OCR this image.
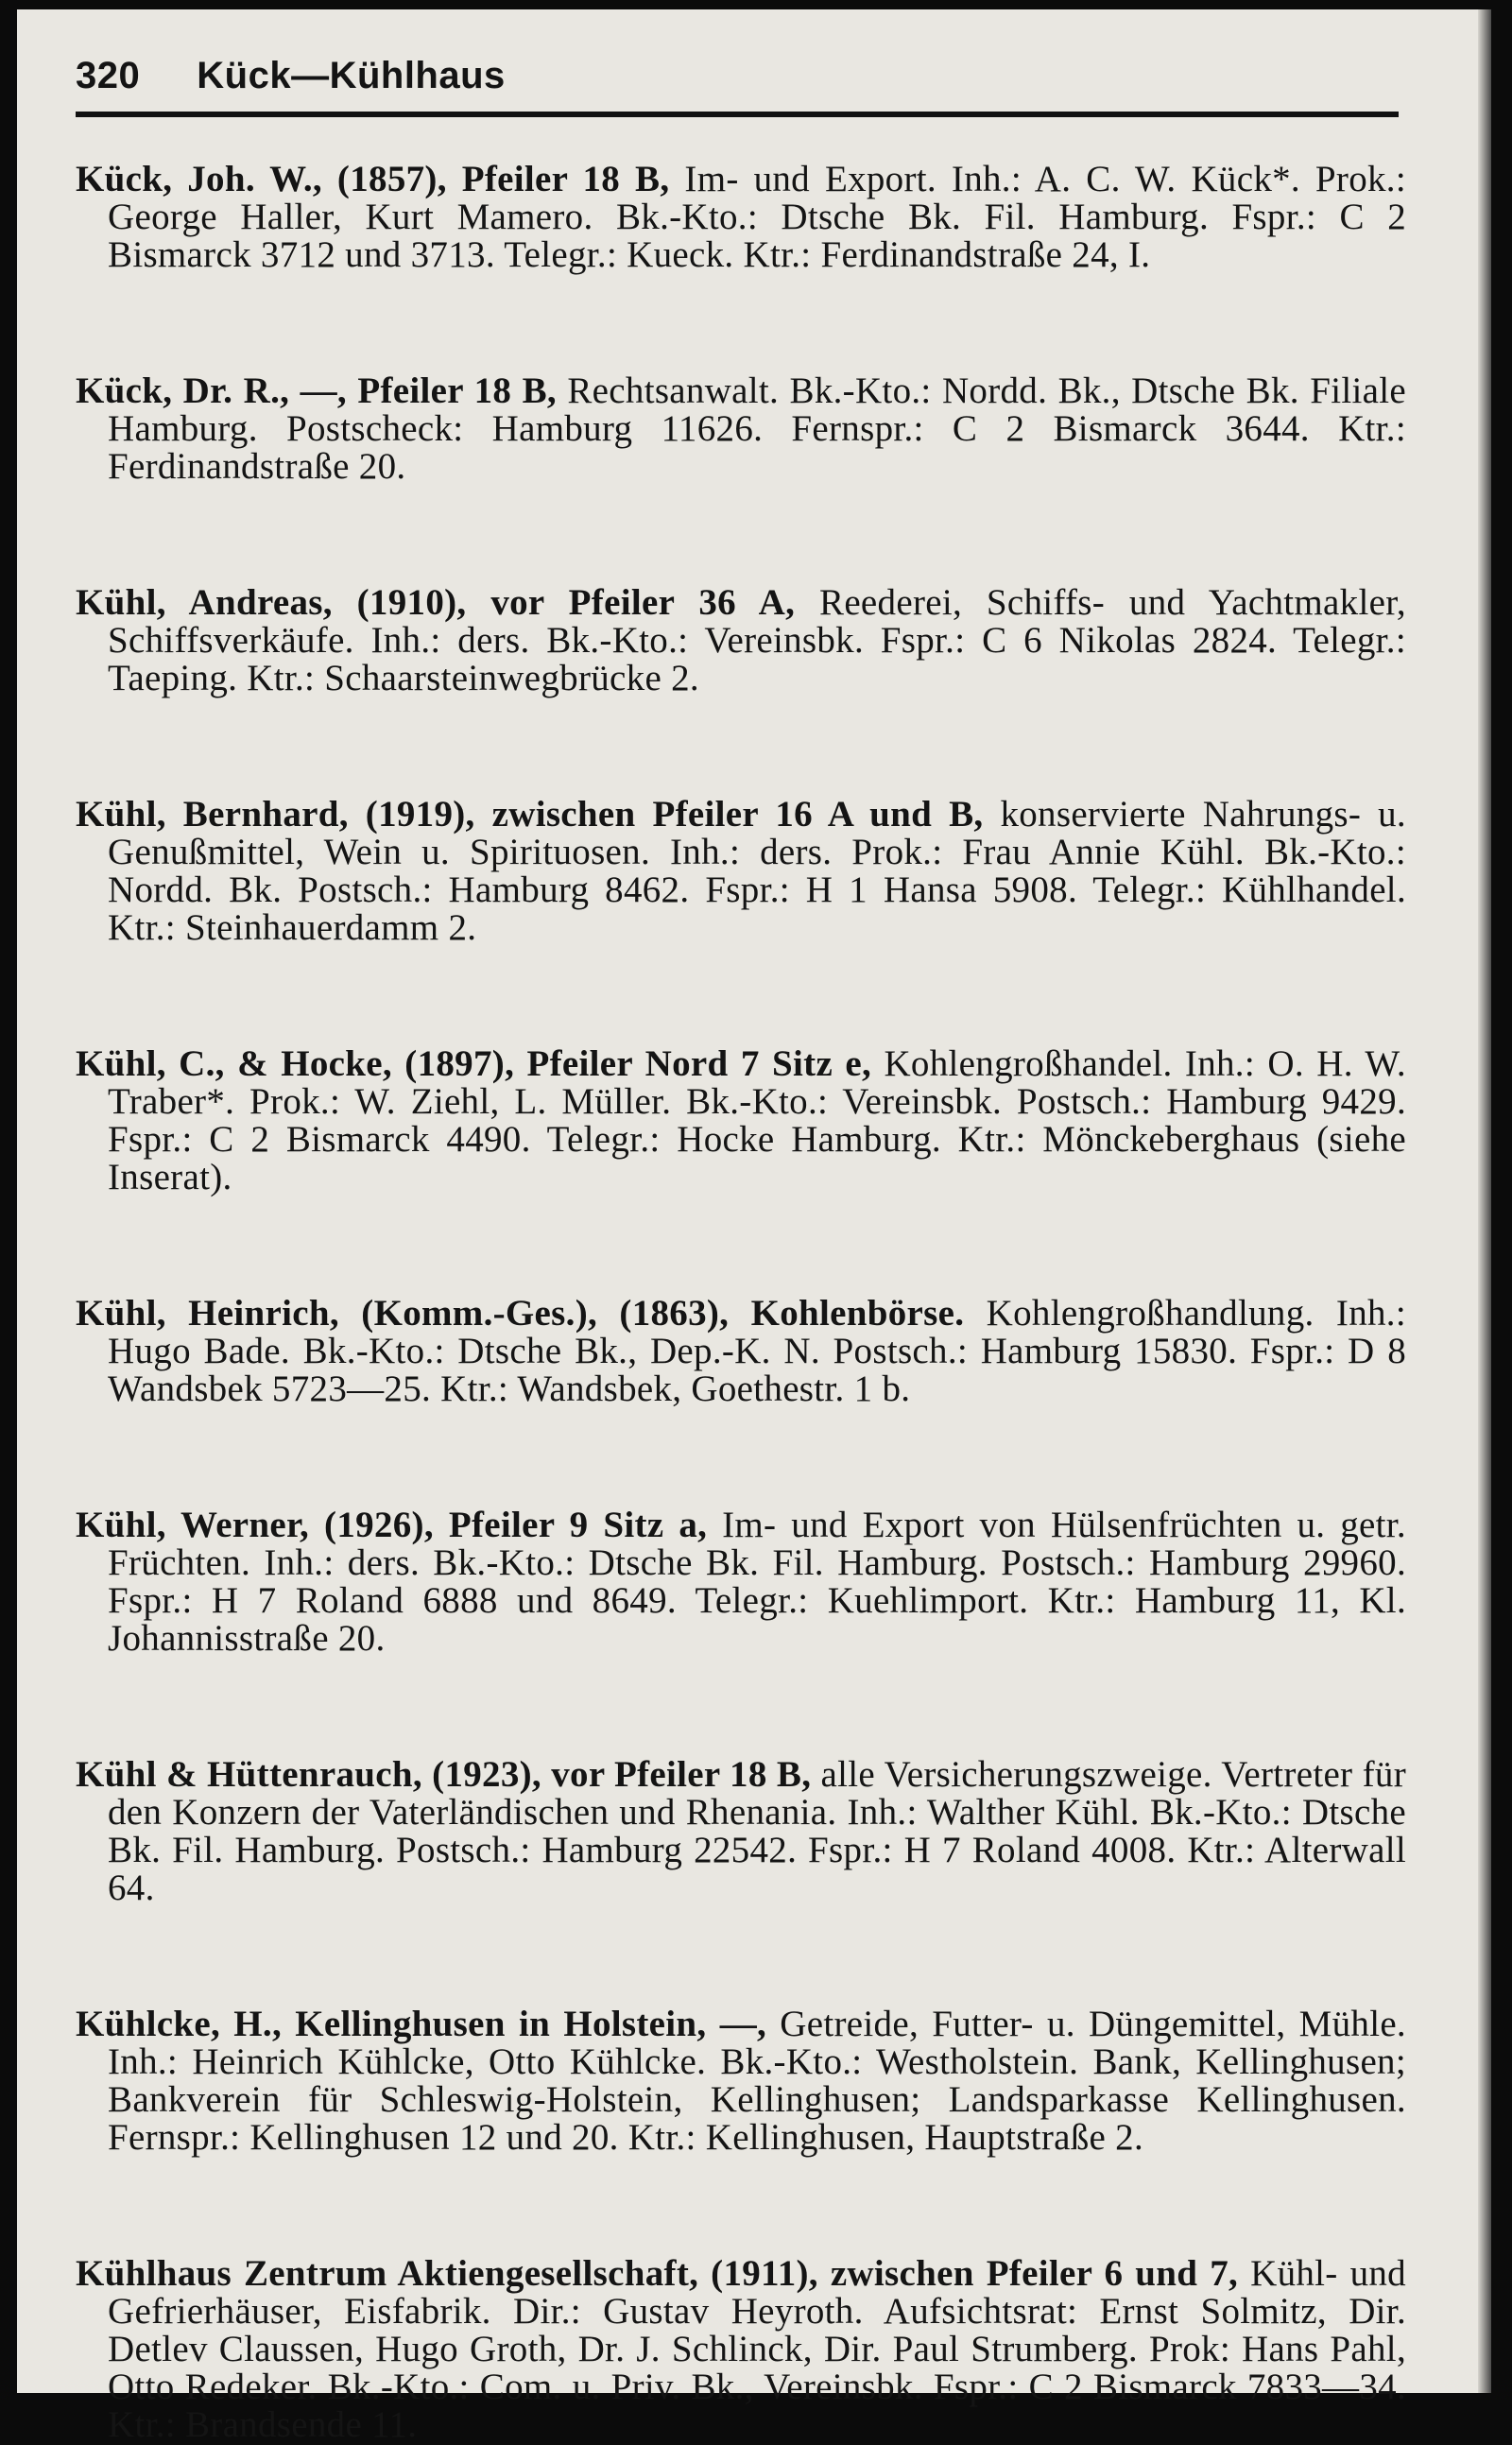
320 Kück—Kühlhaus

Kück, Joh. W., (1857), Pfeiler 18 B, Im- und Export. Inh.: A. C. W. Kück*. Prok.: George Haller, Kurt Mamero. Bk.-Kto.: Dtsche Bk. Fil. Hamburg. Fspr.: C 2 Bismarck 3712 und 3713. Telegr.: Kueck. Ktr.: Ferdinandstraße 24, I.

Kück, Dr. R., —, Pfeiler 18 B, Rechtsanwalt. Bk.-Kto.: Nordd. Bk., Dtsche Bk. Filiale Hamburg. Postscheck: Hamburg 11626. Fernspr.: C 2 Bismarck 3644. Ktr.: Ferdinandstraße 20.

Kühl, Andreas, (1910), vor Pfeiler 36 A, Reederei, Schiffs- und Yachtmakler, Schiffsverkäufe. Inh.: ders. Bk.-Kto.: Vereinsbk. Fspr.: C 6 Nikolas 2824. Telegr.: Taeping. Ktr.: Schaarsteinwegbrücke 2.

Kühl, Bernhard, (1919), zwischen Pfeiler 16 A und B, konservierte Nahrungs- u. Genußmittel, Wein u. Spirituosen. Inh.: ders. Prok.: Frau Annie Kühl. Bk.-Kto.: Nordd. Bk. Postsch.: Hamburg 8462. Fspr.: H 1 Hansa 5908. Telegr.: Kühlhandel. Ktr.: Steinhauerdamm 2.

Kühl, C., & Hocke, (1897), Pfeiler Nord 7 Sitz e, Kohlengroßhandel. Inh.: O. H. W. Traber*. Prok.: W. Ziehl, L. Müller. Bk.-Kto.: Vereinsbk. Postsch.: Hamburg 9429. Fspr.: C 2 Bismarck 4490. Telegr.: Hocke Hamburg. Ktr.: Mönckeberghaus (siehe Inserat).

Kühl, Heinrich, (Komm.-Ges.), (1863), Kohlenbörse. Kohlengroßhandlung. Inh.: Hugo Bade. Bk.-Kto.: Dtsche Bk., Dep.-K. N. Postsch.: Hamburg 15830. Fspr.: D 8 Wandsbek 5723—25. Ktr.: Wandsbek, Goethestr. 1 b.

Kühl, Werner, (1926), Pfeiler 9 Sitz a, Im- und Export von Hülsenfrüchten u. getr. Früchten. Inh.: ders. Bk.-Kto.: Dtsche Bk. Fil. Hamburg. Postsch.: Hamburg 29960. Fspr.: H 7 Roland 6888 und 8649. Telegr.: Kuehlimport. Ktr.: Hamburg 11, Kl. Johannisstraße 20.

Kühl & Hüttenrauch, (1923), vor Pfeiler 18 B, alle Versicherungszweige. Vertreter für den Konzern der Vaterländischen und Rhenania. Inh.: Walther Kühl. Bk.-Kto.: Dtsche Bk. Fil. Hamburg. Postsch.: Hamburg 22542. Fspr.: H 7 Roland 4008. Ktr.: Alterwall 64.

Kühlcke, H., Kellinghusen in Holstein, —, Getreide, Futter- u. Düngemittel, Mühle. Inh.: Heinrich Kühlcke, Otto Kühlcke. Bk.-Kto.: Westholstein. Bank, Kellinghusen; Bankverein für Schleswig-Holstein, Kellinghusen; Landsparkasse Kellinghusen. Fernspr.: Kellinghusen 12 und 20. Ktr.: Kellinghusen, Hauptstraße 2.

Kühlhaus Zentrum Aktiengesellschaft, (1911), zwischen Pfeiler 6 und 7, Kühl- und Gefrierhäuser, Eisfabrik. Dir.: Gustav Heyroth. Aufsichtsrat: Ernst Solmitz, Dir. Detlev Claussen, Hugo Groth, Dr. J. Schlinck, Dir. Paul Strumberg. Prok: Hans Pahl, Otto Redeker. Bk.-Kto.: Com. u. Priv. Bk., Vereinsbk. Fspr.: C 2 Bismarck 7833—34. Ktr.: Brandsende 11.
